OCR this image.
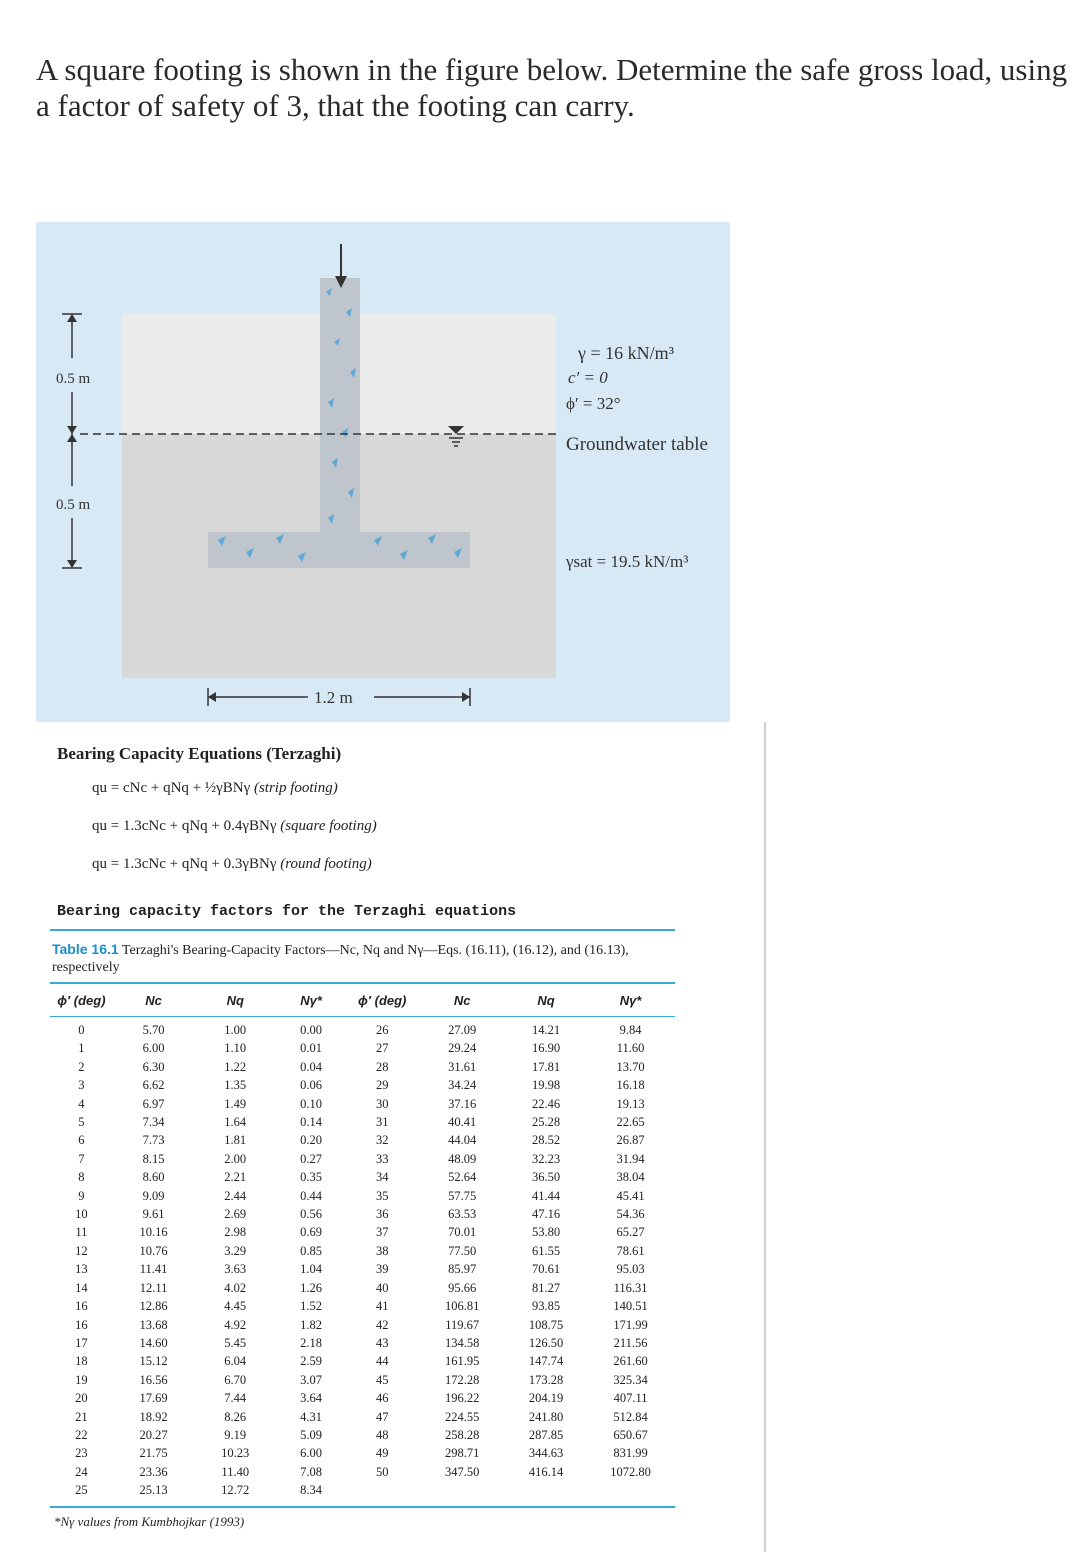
A square footing is shown in the figure below. Determine the safe gross load, using a factor of safety of 3, that the footing can carry.

0.5 m
0.5 m
1.2 m
γ = 16 kN/m³
c′ = 0
ϕ′ = 32°
Groundwater table
γsat = 19.5 kN/m³

Bearing Capacity Equations (Terzaghi)

qu = cNc + qNq + ½γBNγ (strip footing)
qu = 1.3cNc + qNq + 0.4γBNγ (square footing)
qu = 1.3cNc + qNq + 0.3γBNγ (round footing)
Bearing capacity factors for the Terzaghi equations

Table 16.1 Terzaghi's Bearing-Capacity Factors—Nc, Nq and Nγ—Eqs. (16.11), (16.12), and (16.13), respectively

ϕ′ (deg)	Nc	Nq	Nγ*	ϕ′ (deg)	Nc	Nq	Nγ*
0	5.70	1.00	0.00	26	27.09	14.21	9.84
1	6.00	1.10	0.01	27	29.24	16.90	11.60
2	6.30	1.22	0.04	28	31.61	17.81	13.70
3	6.62	1.35	0.06	29	34.24	19.98	16.18
4	6.97	1.49	0.10	30	37.16	22.46	19.13
5	7.34	1.64	0.14	31	40.41	25.28	22.65
6	7.73	1.81	0.20	32	44.04	28.52	26.87
7	8.15	2.00	0.27	33	48.09	32.23	31.94
8	8.60	2.21	0.35	34	52.64	36.50	38.04
9	9.09	2.44	0.44	35	57.75	41.44	45.41
10	9.61	2.69	0.56	36	63.53	47.16	54.36
11	10.16	2.98	0.69	37	70.01	53.80	65.27
12	10.76	3.29	0.85	38	77.50	61.55	78.61
13	11.41	3.63	1.04	39	85.97	70.61	95.03
14	12.11	4.02	1.26	40	95.66	81.27	116.31
16	12.86	4.45	1.52	41	106.81	93.85	140.51
16	13.68	4.92	1.82	42	119.67	108.75	171.99
17	14.60	5.45	2.18	43	134.58	126.50	211.56
18	15.12	6.04	2.59	44	161.95	147.74	261.60
19	16.56	6.70	3.07	45	172.28	173.28	325.34
20	17.69	7.44	3.64	46	196.22	204.19	407.11
21	18.92	8.26	4.31	47	224.55	241.80	512.84
22	20.27	9.19	5.09	48	258.28	287.85	650.67
23	21.75	10.23	6.00	49	298.71	344.63	831.99
24	23.36	11.40	7.08	50	347.50	416.14	1072.80
25	25.13	12.72	8.34				

*Nγ values from Kumbhojkar (1993)
